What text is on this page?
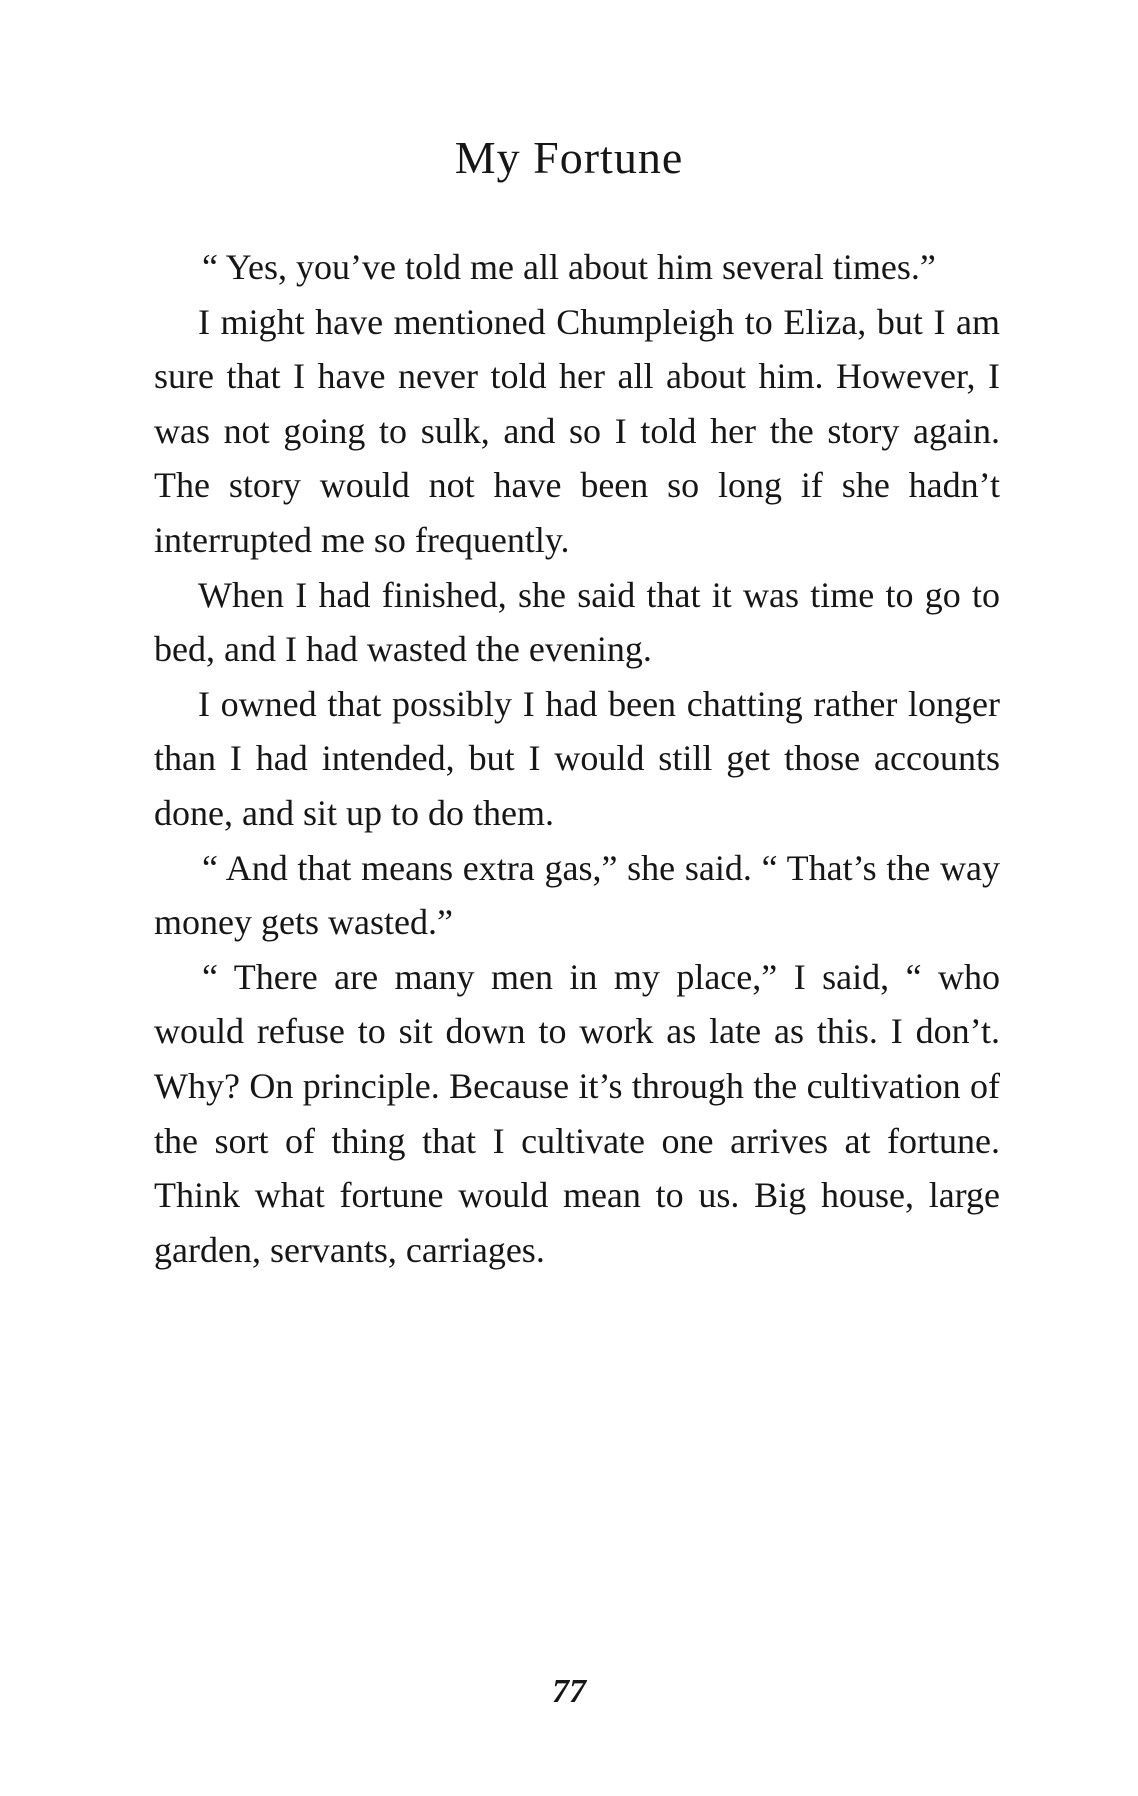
My Fortune

“ Yes, you’ve told me all about him several times.”

I might have mentioned Chumpleigh to Eliza, but I am sure that I have never told her all about him. However, I was not going to sulk, and so I told her the story again. The story would not have been so long if she hadn’t interrupted me so frequently.

When I had finished, she said that it was time to go to bed, and I had wasted the evening.

I owned that possibly I had been chatting rather longer than I had intended, but I would still get those accounts done, and sit up to do them.

“ And that means extra gas,” she said. “ That’s the way money gets wasted.”

“ There are many men in my place,” I said, “ who would refuse to sit down to work as late as this. I don’t. Why? On principle. Because it’s through the cultivation of the sort of thing that I cultivate one arrives at fortune. Think what fortune would mean to us. Big house, large garden, servants, carriages.

77
